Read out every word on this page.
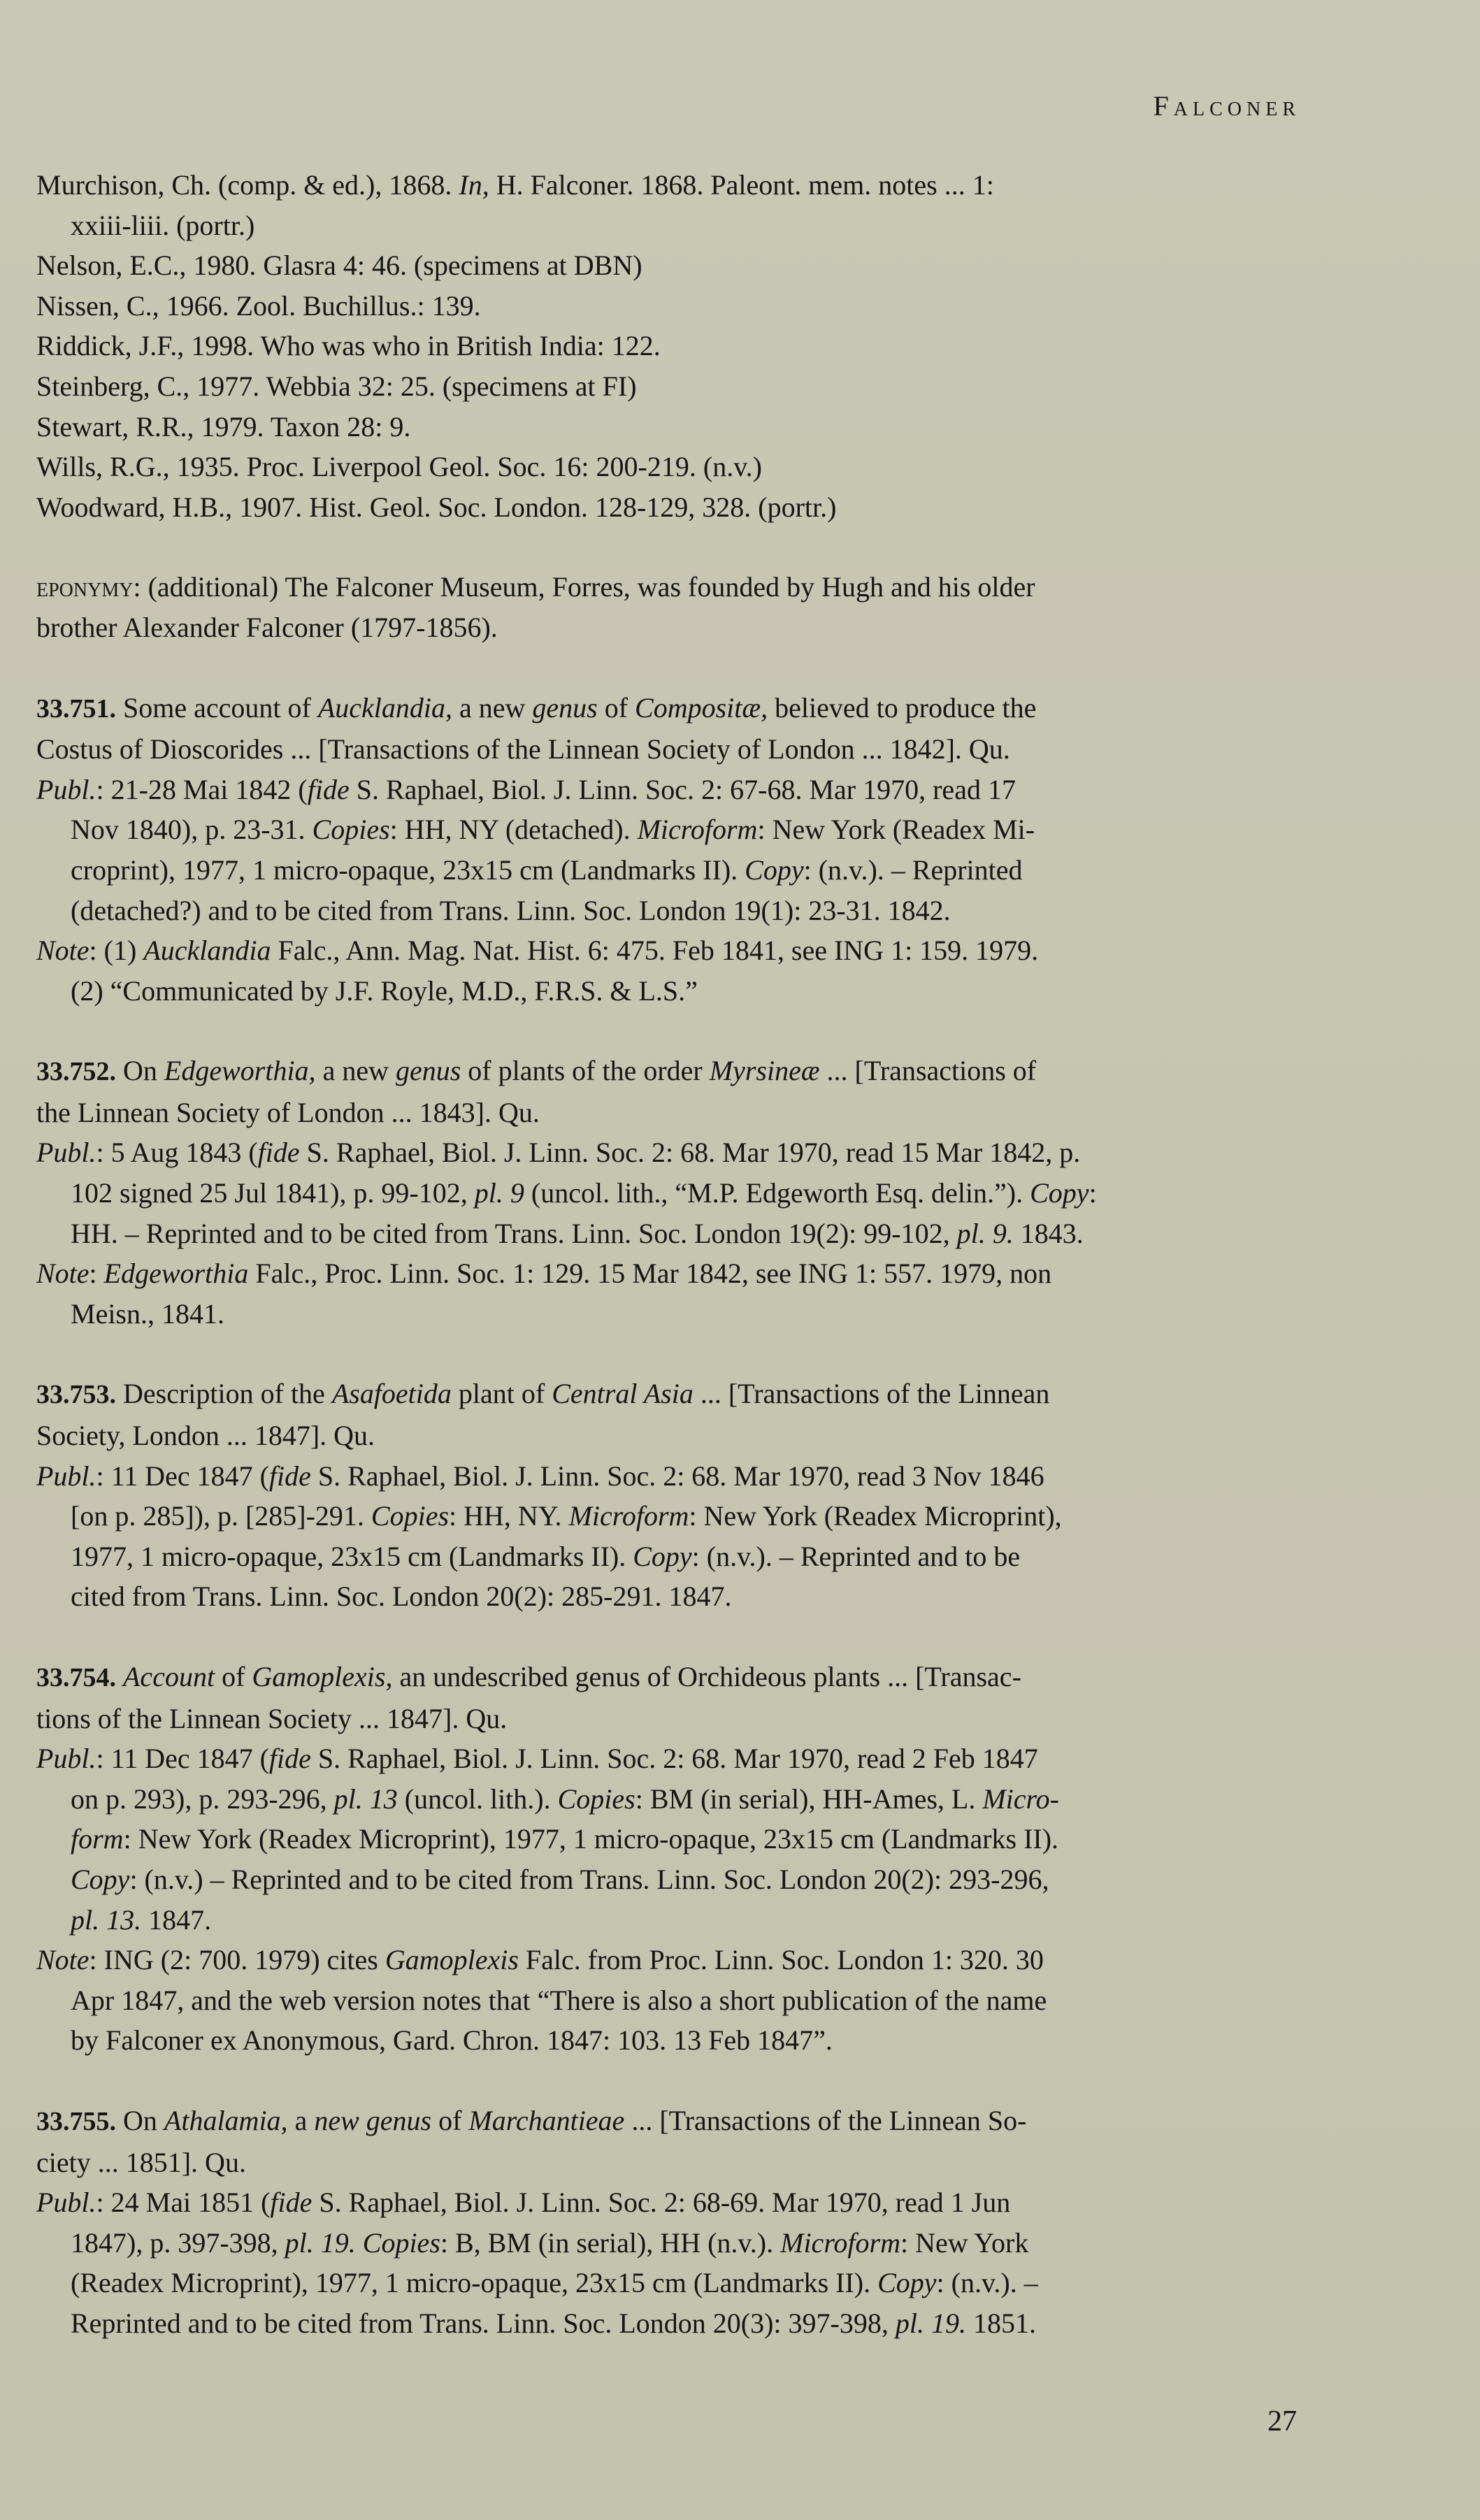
Falconer
Murchison, Ch. (comp. & ed.), 1868. In, H. Falconer. 1868. Paleont. mem. notes ... 1:
xxiii-liii. (portr.)
Nelson, E.C., 1980. Glasra 4: 46. (specimens at DBN)
Nissen, C., 1966. Zool. Buchillus.: 139.
Riddick, J.F., 1998. Who was who in British India: 122.
Steinberg, C., 1977. Webbia 32: 25. (specimens at FI)
Stewart, R.R., 1979. Taxon 28: 9.
Wills, R.G., 1935. Proc. Liverpool Geol. Soc. 16: 200-219. (n.v.)
Woodward, H.B., 1907. Hist. Geol. Soc. London. 128-129, 328. (portr.)
eponymy: (additional) The Falconer Museum, Forres, was founded by Hugh and his older
brother Alexander Falconer (1797-1856).
33.751. Some account of Aucklandia, a new genus of Compositæ, believed to produce the
Costus of Dioscorides ... [Transactions of the Linnean Society of London ... 1842]. Qu.
Publ.: 21-28 Mai 1842 (fide S. Raphael, Biol. J. Linn. Soc. 2: 67-68. Mar 1970, read 17
Nov 1840), p. 23-31. Copies: HH, NY (detached). Microform: New York (Readex Mi-
croprint), 1977, 1 micro-opaque, 23x15 cm (Landmarks II). Copy: (n.v.). – Reprinted
(detached?) and to be cited from Trans. Linn. Soc. London 19(1): 23-31. 1842.
Note: (1) Aucklandia Falc., Ann. Mag. Nat. Hist. 6: 475. Feb 1841, see ING 1: 159. 1979.
(2) “Communicated by J.F. Royle, M.D., F.R.S. & L.S.”
33.752. On Edgeworthia, a new genus of plants of the order Myrsineæ ... [Transactions of
the Linnean Society of London ... 1843]. Qu.
Publ.: 5 Aug 1843 (fide S. Raphael, Biol. J. Linn. Soc. 2: 68. Mar 1970, read 15 Mar 1842, p.
102 signed 25 Jul 1841), p. 99-102, pl. 9 (uncol. lith., “M.P. Edgeworth Esq. delin.”). Copy:
HH. – Reprinted and to be cited from Trans. Linn. Soc. London 19(2): 99-102, pl. 9. 1843.
Note: Edgeworthia Falc., Proc. Linn. Soc. 1: 129. 15 Mar 1842, see ING 1: 557. 1979, non
Meisn., 1841.
33.753. Description of the Asafoetida plant of Central Asia ... [Transactions of the Linnean
Society, London ... 1847]. Qu.
Publ.: 11 Dec 1847 (fide S. Raphael, Biol. J. Linn. Soc. 2: 68. Mar 1970, read 3 Nov 1846
[on p. 285]), p. [285]-291. Copies: HH, NY. Microform: New York (Readex Microprint),
1977, 1 micro-opaque, 23x15 cm (Landmarks II). Copy: (n.v.). – Reprinted and to be
cited from Trans. Linn. Soc. London 20(2): 285-291. 1847.
33.754. Account of Gamoplexis, an undescribed genus of Orchideous plants ... [Transac-
tions of the Linnean Society ... 1847]. Qu.
Publ.: 11 Dec 1847 (fide S. Raphael, Biol. J. Linn. Soc. 2: 68. Mar 1970, read 2 Feb 1847
on p. 293), p. 293-296, pl. 13 (uncol. lith.). Copies: BM (in serial), HH-Ames, L. Micro-
form: New York (Readex Microprint), 1977, 1 micro-opaque, 23x15 cm (Landmarks II).
Copy: (n.v.) – Reprinted and to be cited from Trans. Linn. Soc. London 20(2): 293-296,
pl. 13. 1847.
Note: ING (2: 700. 1979) cites Gamoplexis Falc. from Proc. Linn. Soc. London 1: 320. 30
Apr 1847, and the web version notes that “There is also a short publication of the name
by Falconer ex Anonymous, Gard. Chron. 1847: 103. 13 Feb 1847”.
33.755. On Athalamia, a new genus of Marchantieae ... [Transactions of the Linnean So-
ciety ... 1851]. Qu.
Publ.: 24 Mai 1851 (fide S. Raphael, Biol. J. Linn. Soc. 2: 68-69. Mar 1970, read 1 Jun
1847), p. 397-398, pl. 19. Copies: B, BM (in serial), HH (n.v.). Microform: New York
(Readex Microprint), 1977, 1 micro-opaque, 23x15 cm (Landmarks II). Copy: (n.v.). –
Reprinted and to be cited from Trans. Linn. Soc. London 20(3): 397-398, pl. 19. 1851.
27
